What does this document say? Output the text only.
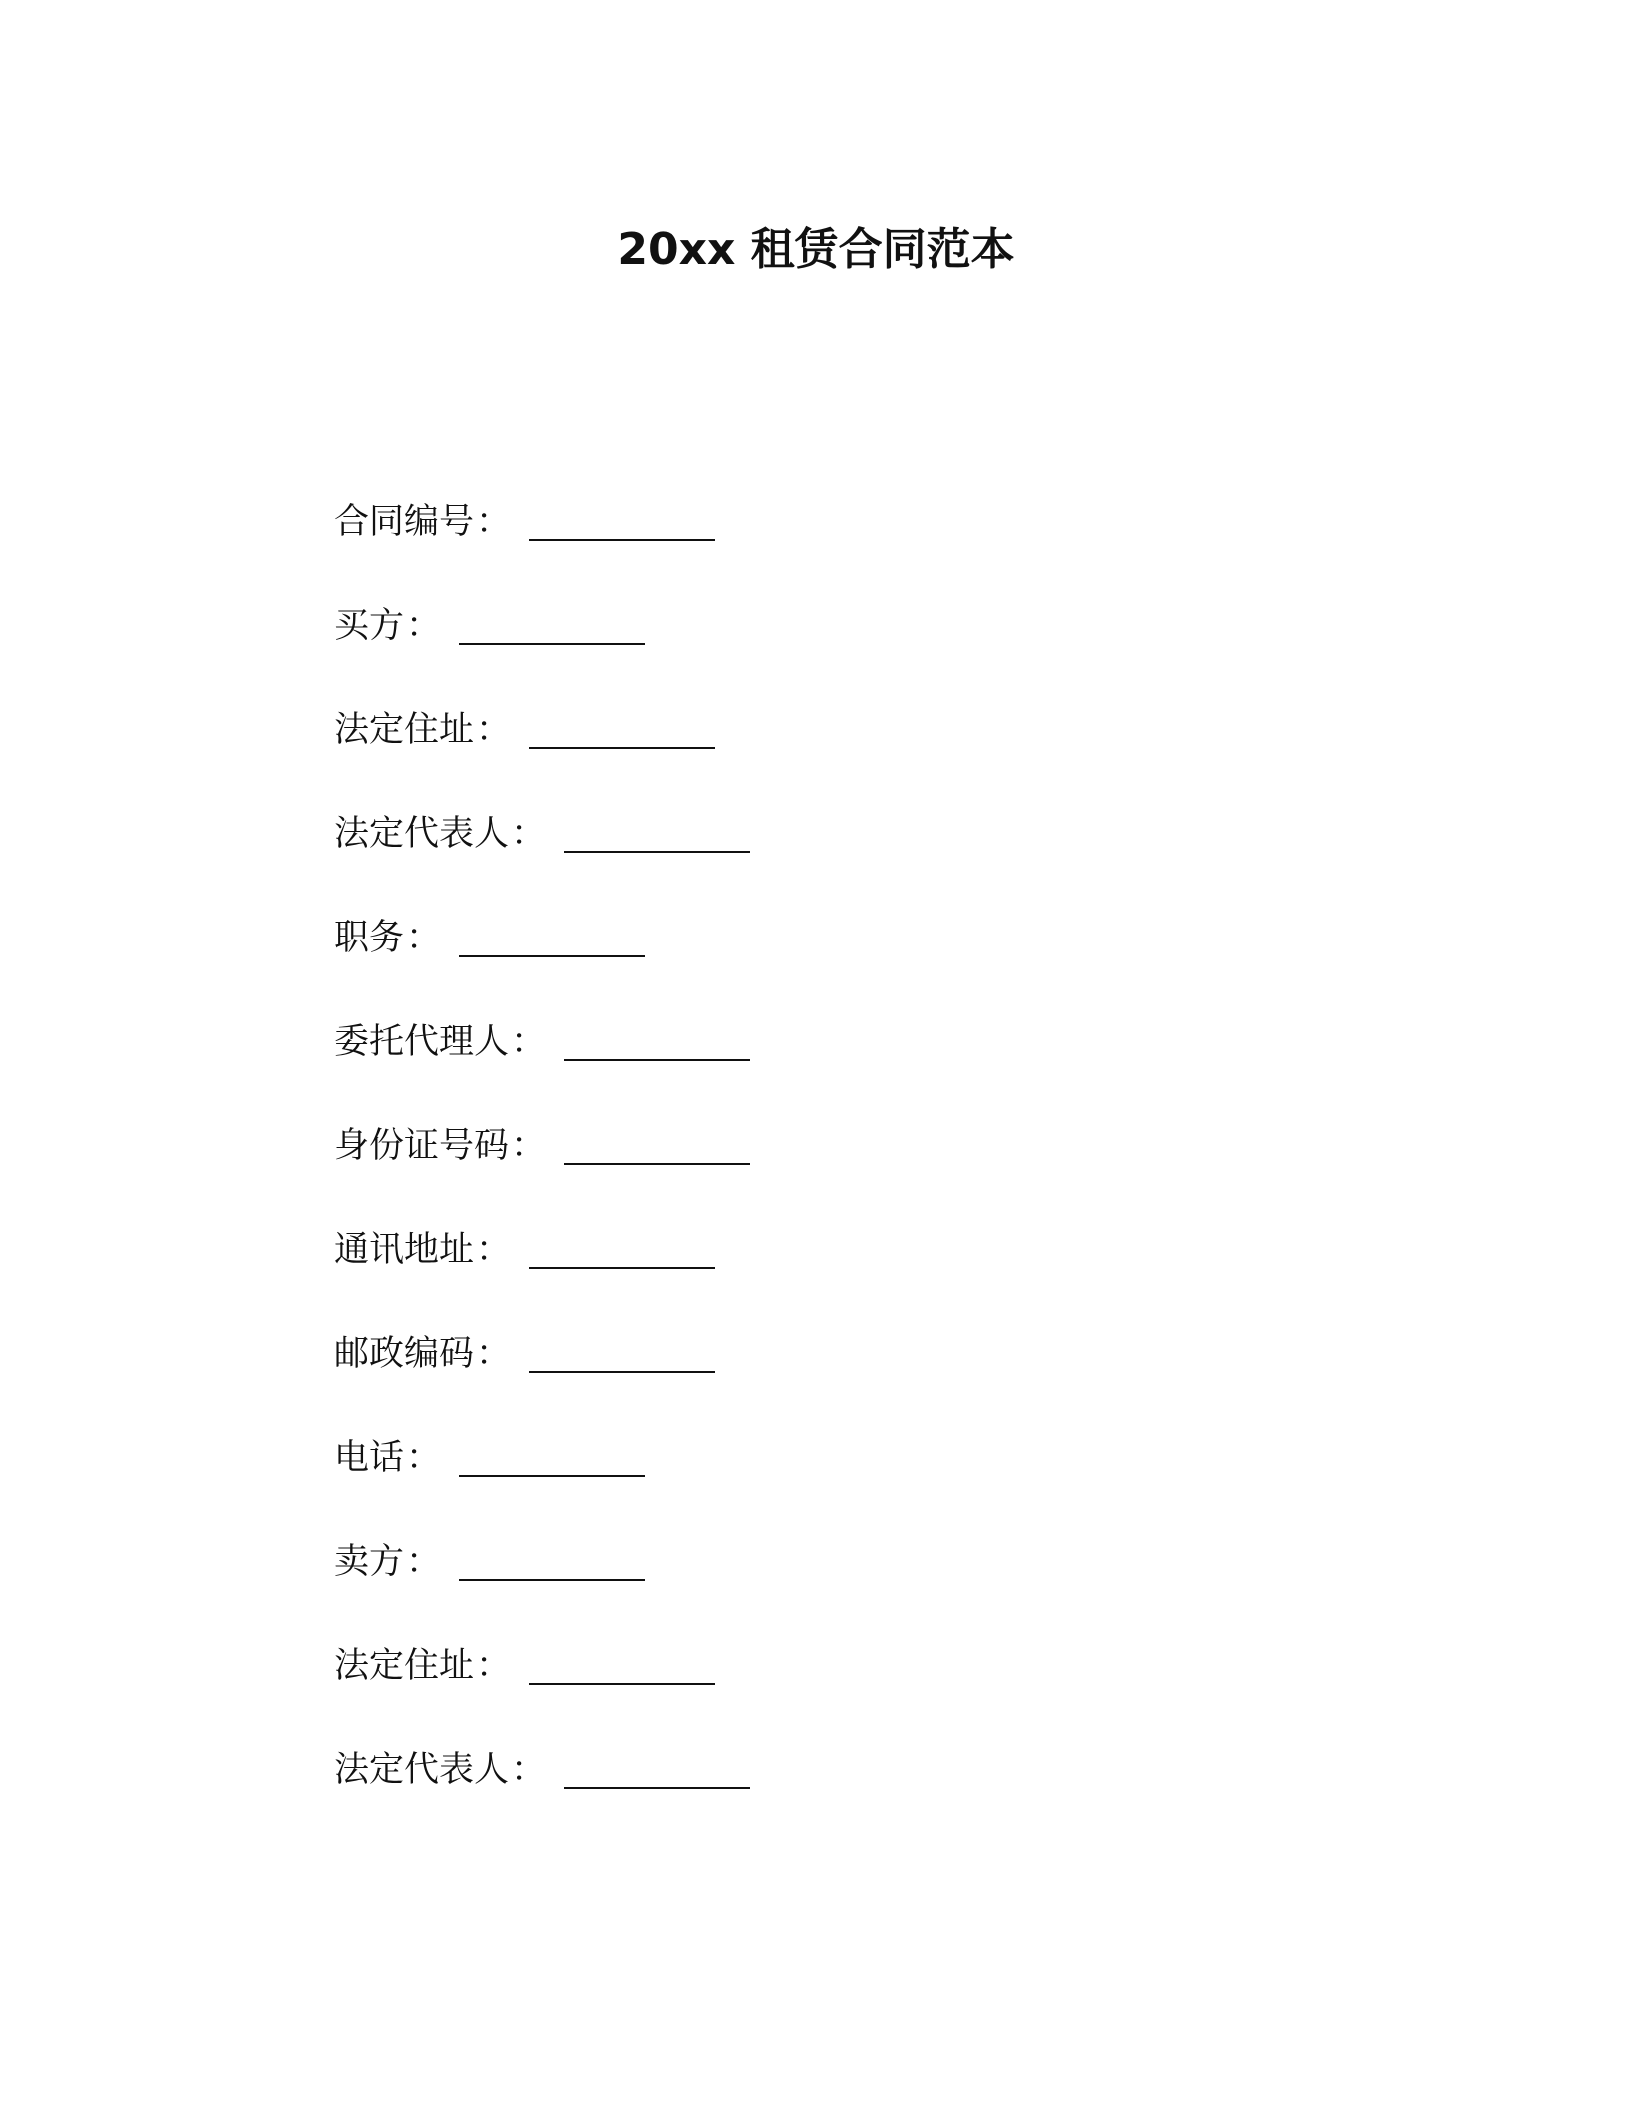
20xx 租赁合同范本
合同编号：
买方：
法定住址：
法定代表人：
职务：
委托代理人：
身份证号码：
通讯地址：
邮政编码：
电话：
卖方：
法定住址：
法定代表人：
